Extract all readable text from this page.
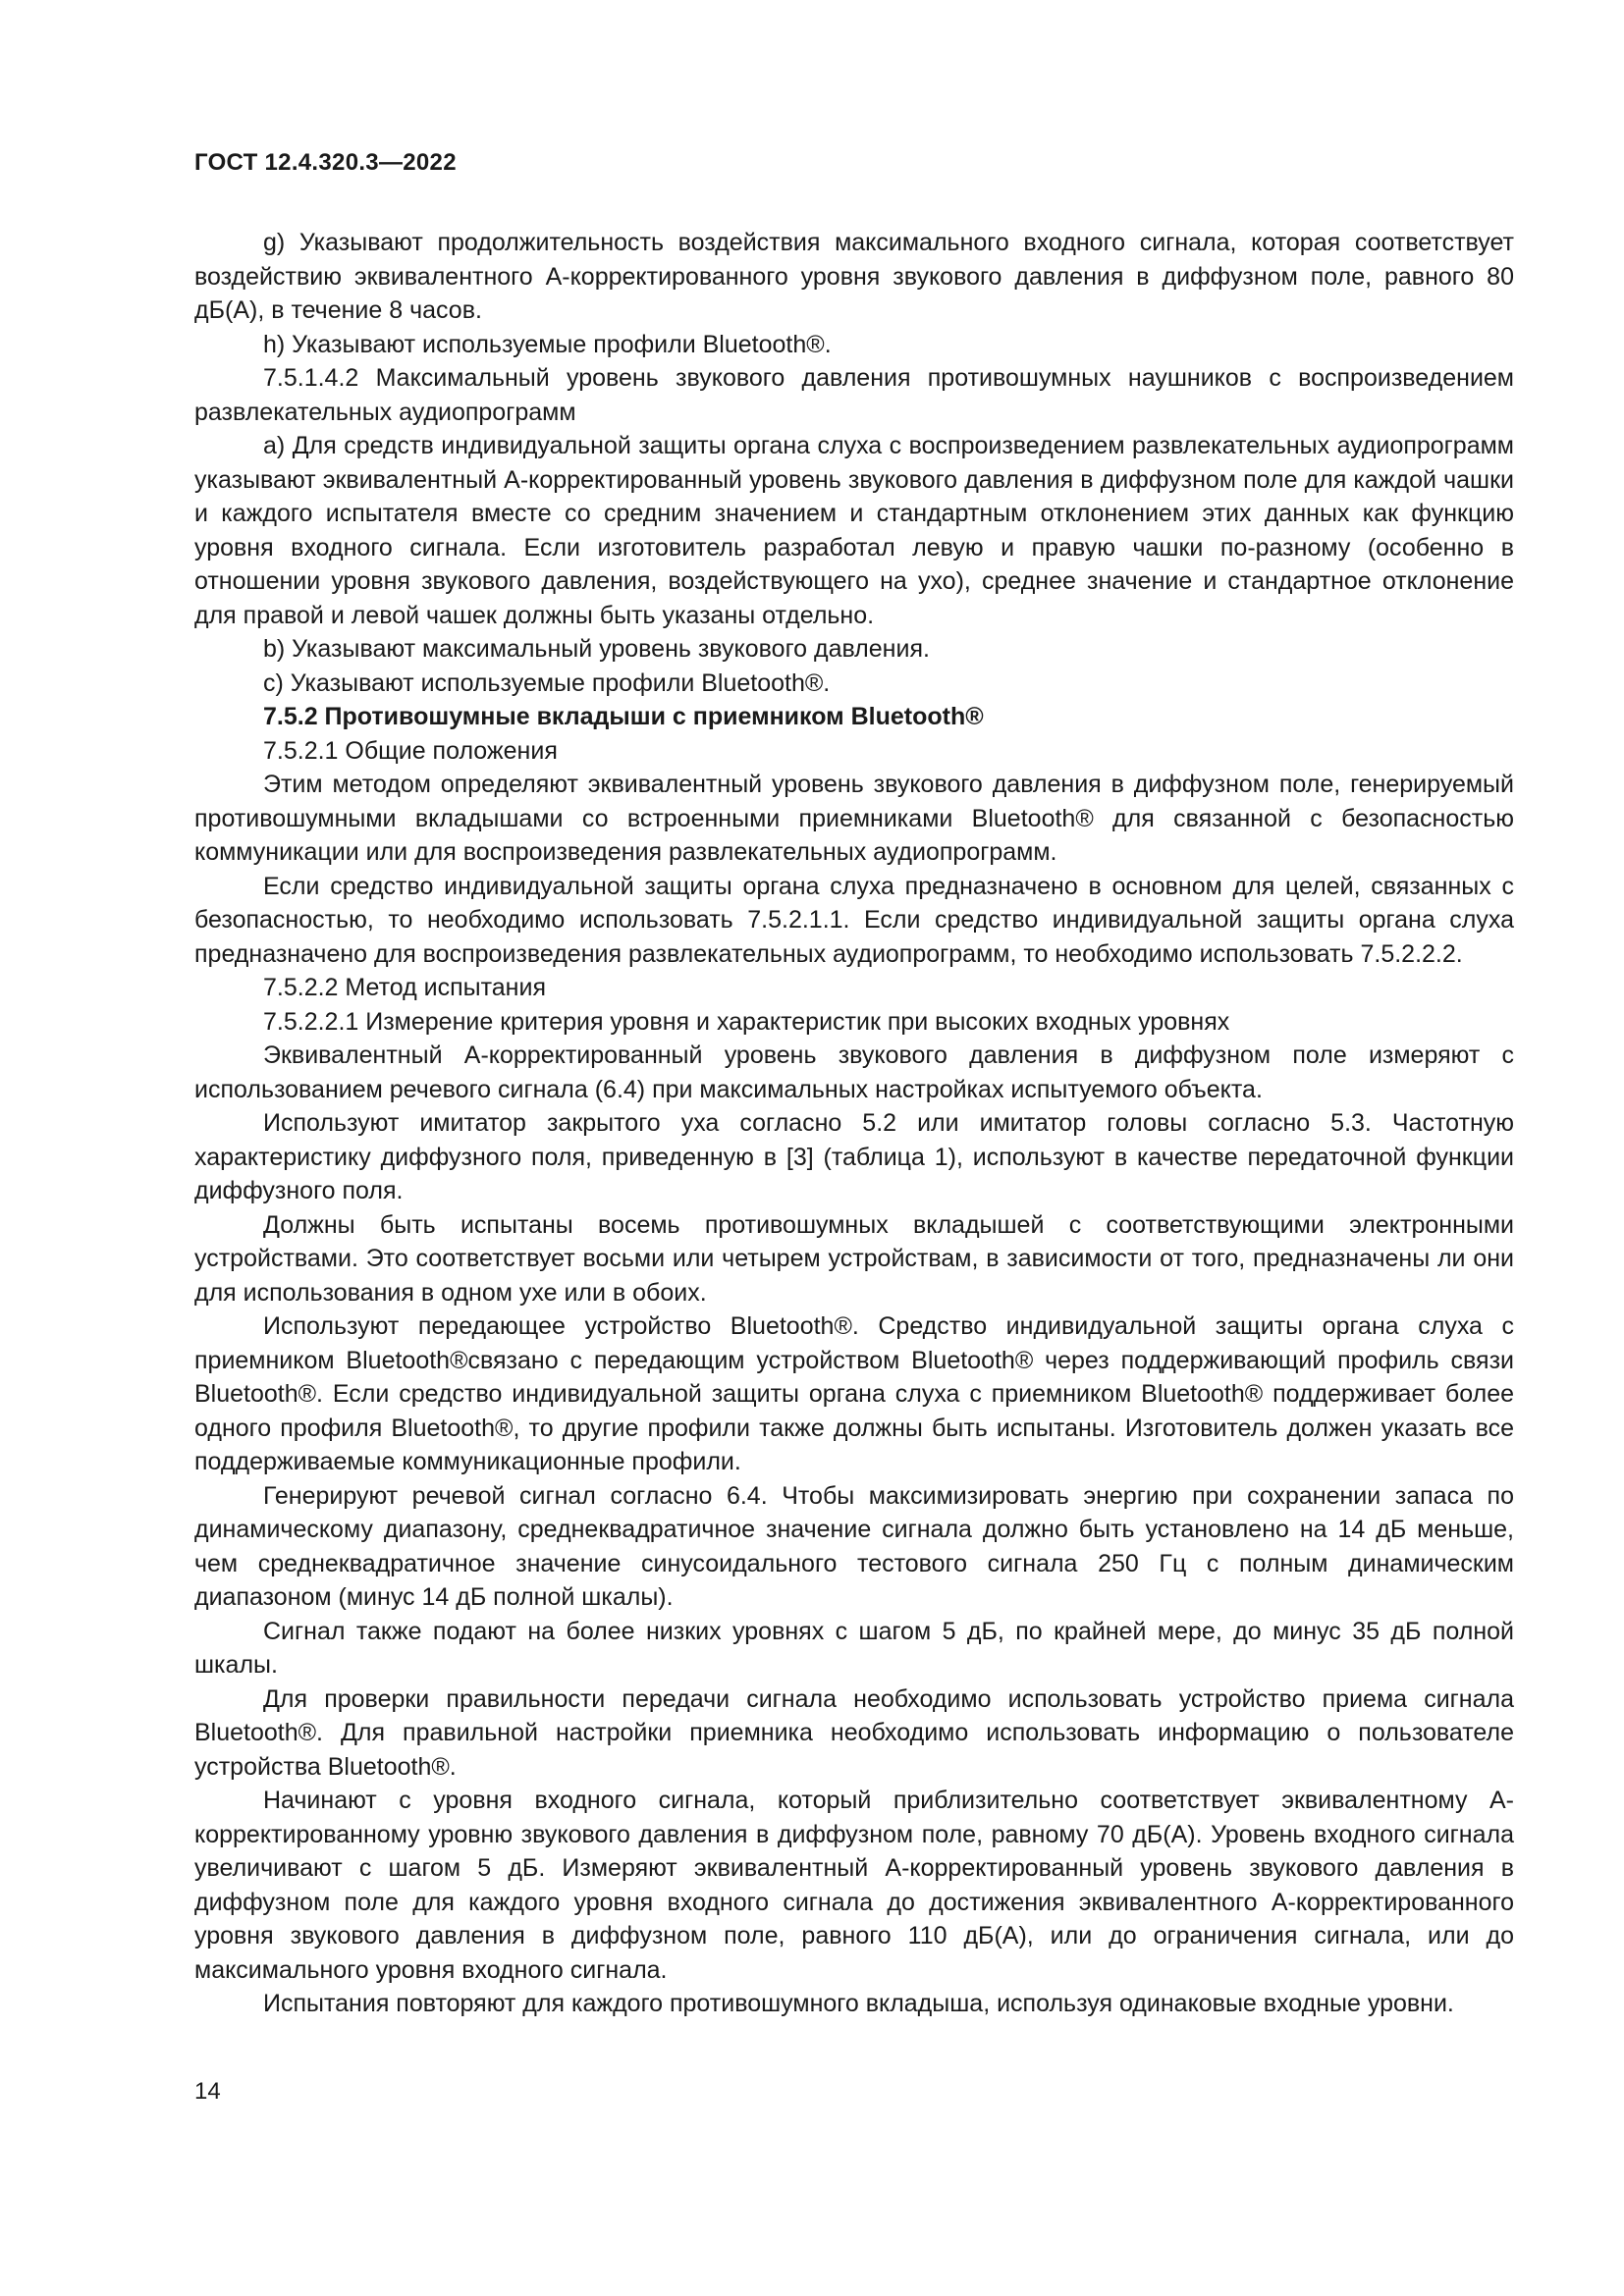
ГОСТ 12.4.320.3—2022

g) Указывают продолжительность воздействия максимального входного сигнала, которая соответствует воздействию эквивалентного А-корректированного уровня звукового давления в диффузном поле, равного 80 дБ(А), в течение 8 часов.

h) Указывают используемые профили Bluetooth®.

7.5.1.4.2 Максимальный уровень звукового давления противошумных наушников с воспроизведением развлекательных аудиопрограмм

а) Для средств индивидуальной защиты органа слуха с воспроизведением развлекательных аудиопрограмм указывают эквивалентный А-корректированный уровень звукового давления в диффузном поле для каждой чашки и каждого испытателя вместе со средним значением и стандартным отклонением этих данных как функцию уровня входного сигнала. Если изготовитель разработал левую и правую чашки по-разному (особенно в отношении уровня звукового давления, воздействующего на ухо), среднее значение и стандартное отклонение для правой и левой чашек должны быть указаны отдельно.

b) Указывают максимальный уровень звукового давления.

с) Указывают используемые профили Bluetooth®.

7.5.2 Противошумные вкладыши с приемником Bluetooth®

7.5.2.1 Общие положения

Этим методом определяют эквивалентный уровень звукового давления в диффузном поле, генерируемый противошумными вкладышами со встроенными приемниками Bluetooth® для связанной с безопасностью коммуникации или для воспроизведения развлекательных аудиопрограмм.

Если средство индивидуальной защиты органа слуха предназначено в основном для целей, связанных с безопасностью, то необходимо использовать 7.5.2.1.1. Если средство индивидуальной защиты органа слуха предназначено для воспроизведения развлекательных аудиопрограмм, то необходимо использовать 7.5.2.2.2.

7.5.2.2 Метод испытания

7.5.2.2.1 Измерение критерия уровня и характеристик при высоких входных уровнях

Эквивалентный А-корректированный уровень звукового давления в диффузном поле измеряют с использованием речевого сигнала (6.4) при максимальных настройках испытуемого объекта.

Используют имитатор закрытого уха согласно 5.2 или имитатор головы согласно 5.3. Частотную характеристику диффузного поля, приведенную в [3] (таблица 1), используют в качестве передаточной функции диффузного поля.

Должны быть испытаны восемь противошумных вкладышей с соответствующими электронными устройствами. Это соответствует восьми или четырем устройствам, в зависимости от того, предназначены ли они для использования в одном ухе или в обоих.

Используют передающее устройство Bluetooth®. Средство индивидуальной защиты органа слуха с приемником Bluetooth®связано с передающим устройством Bluetooth® через поддерживающий профиль связи Bluetooth®. Если средство индивидуальной защиты органа слуха с приемником Bluetooth® поддерживает более одного профиля Bluetooth®, то другие профили также должны быть испытаны. Изготовитель должен указать все поддерживаемые коммуникационные профили.

Генерируют речевой сигнал согласно 6.4. Чтобы максимизировать энергию при сохранении запаса по динамическому диапазону, среднеквадратичное значение сигнала должно быть установлено на 14 дБ меньше, чем среднеквадратичное значение синусоидального тестового сигнала 250 Гц с полным динамическим диапазоном (минус 14 дБ полной шкалы).

Сигнал также подают на более низких уровнях с шагом 5 дБ, по крайней мере, до минус 35 дБ полной шкалы.

Для проверки правильности передачи сигнала необходимо использовать устройство приема сигнала Bluetooth®. Для правильной настройки приемника необходимо использовать информацию о пользователе устройства Bluetooth®.

Начинают с уровня входного сигнала, который приблизительно соответствует эквивалентному А-корректированному уровню звукового давления в диффузном поле, равному 70 дБ(А). Уровень входного сигнала увеличивают с шагом 5 дБ. Измеряют эквивалентный А-корректированный уровень звукового давления в диффузном поле для каждого уровня входного сигнала до достижения эквивалентного А-корректированного уровня звукового давления в диффузном поле, равного 110 дБ(А), или до ограничения сигнала, или до максимального уровня входного сигнала.

Испытания повторяют для каждого противошумного вкладыша, используя одинаковые входные уровни.

14
